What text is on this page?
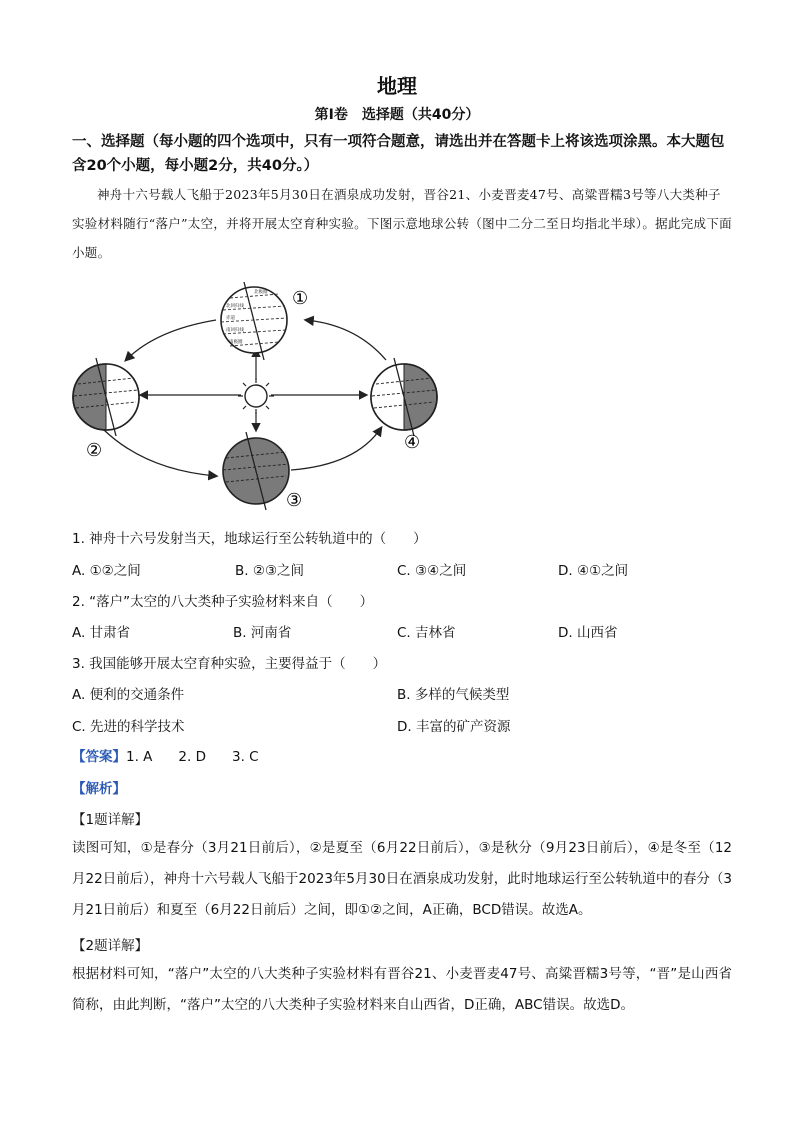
地理
第Ⅰ卷　选择题（共40分）
一、选择题（每小题的四个选项中，只有一项符合题意，请选出并在答题卡上将该选项涂黑。本大题包含20个小题，每小题2分，共40分。）
神舟十六号载人飞船于2023年5月30日在酒泉成功发射，晋谷21、小麦晋麦47号、高粱晋糯3号等八大类种子实验材料随行“落户”太空，并将开展太空育种实验。下图示意地球公转（图中二分二至日均指北半球）。据此完成下面小题。
北极圈
北回归线
赤道
南回归线
南极圈
①
②
③
④
1. 神舟十六号发射当天，地球运行至公转轨道中的（　　）
A. ①②之间	B. ②③之间	C. ③④之间	D. ④①之间
2. “落户”太空的八大类种子实验材料来自（　　）
A. 甘肃省	B. 河南省	C. 吉林省	D. 山西省
3. 我国能够开展太空育种实验，主要得益于（　　）
A. 便利的交通条件	B. 多样的气候类型
C. 先进的科学技术	D. 丰富的矿产资源
【答案】1. A 2. D 3. C
【解析】
【1题详解】
读图可知，①是春分（3月21日前后），②是夏至（6月22日前后），③是秋分（9月23日前后），④是冬至（12月22日前后），神舟十六号载人飞船于2023年5月30日在酒泉成功发射，此时地球运行至公转轨道中的春分（3月21日前后）和夏至（6月22日前后）之间，即①②之间，A正确，BCD错误。故选A。
【2题详解】
根据材料可知，“落户”太空的八大类种子实验材料有晋谷21、小麦晋麦47号、高粱晋糯3号等，“晋”是山西省简称，由此判断，“落户”太空的八大类种子实验材料来自山西省，D正确，ABC错误。故选D。
